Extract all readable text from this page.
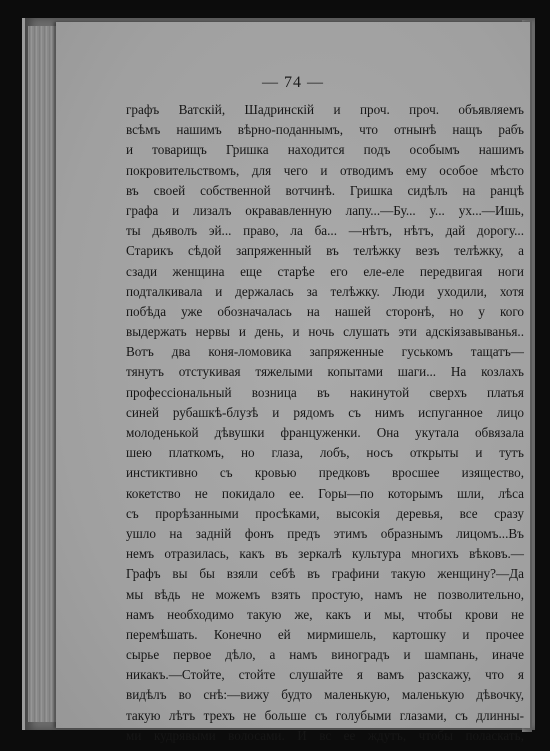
— 74 —
графъ Ватскій, Шадринскій и проч. проч. объявляемъ
всѣмъ нашимъ вѣрно-поданнымъ, что отнынѣ нащъ рабъ
и товарищъ Гришка находится подъ особымъ нашимъ
покровительствомъ, для чего и отводимъ ему особое мѣсто
въ своей собственной вотчинѣ. Гришка сидѣлъ на ранцѣ
графа и лизалъ окрававленную лапу...—Бу... у... ух...—Ишь,
ты дьяволъ эй... право, ла ба... —нѣтъ, нѣтъ, дай дорогу...
Старикъ сѣдой запряженный въ телѣжку везъ телѣжку, а
сзади женщина еще старѣе его еле-еле передвигая ноги
подталкивала и держалась за телѣжку. Люди уходили, хотя
побѣда уже обозначалась на нашей сторонѣ, но у кого
выдержать нервы и день, и ночь слушать эти адскіязавыванья..
Вотъ два коня-ломовика запряженные гуськомъ тащатъ—
тянутъ отстукивая тяжелыми копытами шаги... На козлахъ
профессіональный возница въ накинутой сверхъ платья
синей рубашкѣ-блузѣ и рядомъ съ нимъ испуганное лицо
молоденькой дѣвушки француженки. Она укутала обвязала
шею платкомъ, но глаза, лобъ, носъ открыты и тутъ
инстиктивно съ кровью предковъ вросшее изящество,
кокетство не покидало ее. Горы—по которымъ шли, лѣса
съ прорѣзанными просѣками, высокія деревья, все сразу
ушло на задній фонъ предъ этимъ образнымъ лицомъ...Въ
немъ отразилась, какъ въ зеркалѣ культура многихъ вѣковъ.—
Графъ вы бы взяли себѣ въ графини такую женщину?—Да
мы вѣдь не можемъ взять простую, намъ не позволительно,
намъ необходимо такую же, какъ и мы, чтобы крови не
перемѣшать. Конечно ей мирмишель, картошку и прочее
сырье первое дѣло, а намъ виноградъ и шампань, иначе
никакъ.—Стойте, стойте слушайте я вамъ разскажу, что я
видѣлъ во снѣ:—вижу будто маленькую, маленькую дѣвочку,
такую лѣтъ трехъ не больше съ голубыми глазами, съ длинны-
ми кудрявыми волосами. И вс ее ждутъ, чтобы поласкать,
